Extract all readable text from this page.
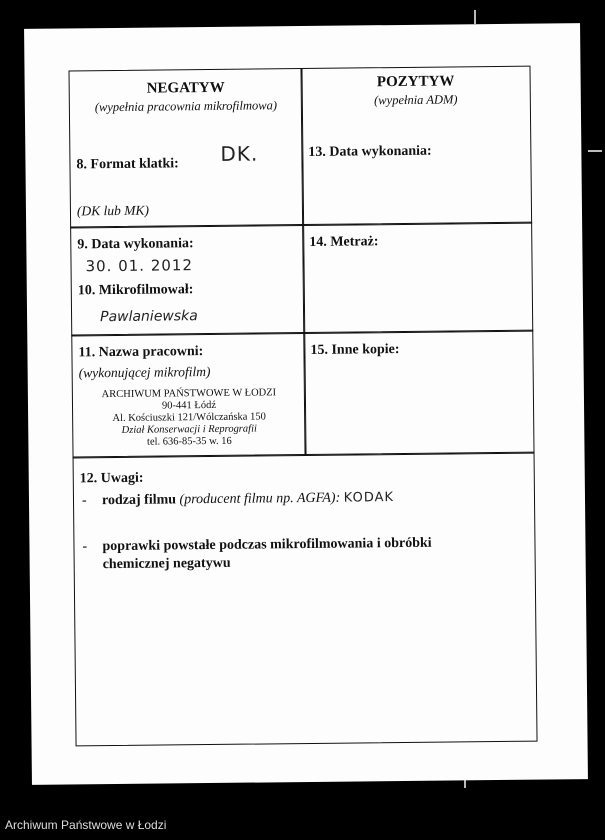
NEGATYW
(wypełnia pracownia mikrofilmowa)
8. Format klatki: DK.
(DK lub MK)
POZYTYW
(wypełnia ADM)
13. Data wykonania:
9. Data wykonania:
30. 01. 2012
10. Mikrofilmował:
Pawlaniewska
14. Metraż:
11. Nazwa pracowni:
(wykonującej mikrofilm)
ARCHIWUM PAŃSTWOWE W ŁODZI
90-441 Łódź
Al. Kościuszki 121/Wólczańska 150
Dział Konserwacji i Reprografii
tel. 636-85-35 w. 16
15. Inne kopie:
12. Uwagi:
- rodzaj filmu (producent filmu np. AGFA): KODAK
- poprawki powstałe podczas mikrofilmowania i obróbki
chemicznej negatywu
Archiwum Państwowe w Łodzi
